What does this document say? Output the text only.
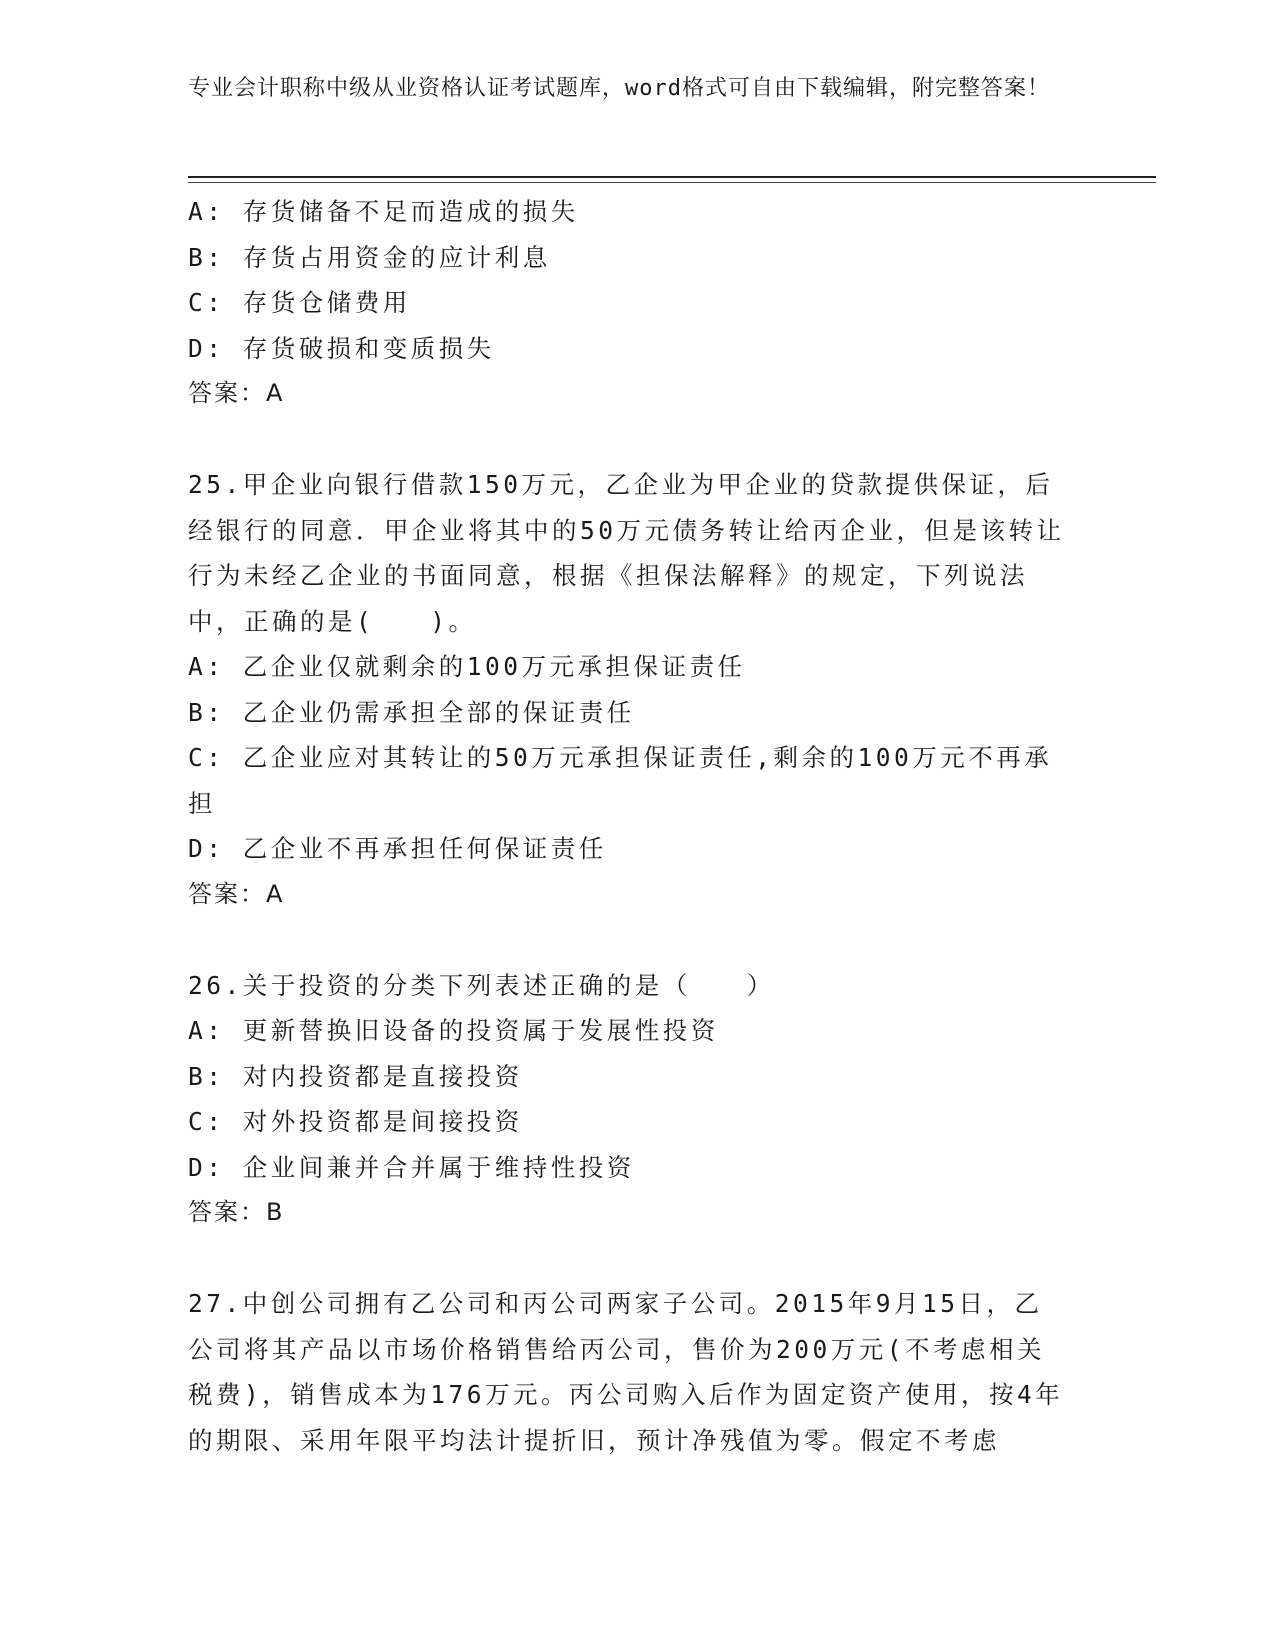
专业会计职称中级从业资格认证考试题库，word格式可自由下载编辑，附完整答案！

A: 存货储备不足而造成的损失

B: 存货占用资金的应计利息

C: 存货仓储费用

D: 存货破损和变质损失

答案：A

25.甲企业向银行借款150万元，乙企业为甲企业的贷款提供保证，后经银行的同意．甲企业将其中的50万元债务转让给丙企业，但是该转让行为未经乙企业的书面同意，根据《担保法解释》的规定，下列说法中，正确的是(　　)。

A: 乙企业仅就剩余的100万元承担保证责任

B: 乙企业仍需承担全部的保证责任

C: 乙企业应对其转让的50万元承担保证责任,剩余的100万元不再承担

D: 乙企业不再承担任何保证责任

答案：A

26.关于投资的分类下列表述正确的是（　　）

A: 更新替换旧设备的投资属于发展性投资

B: 对内投资都是直接投资

C: 对外投资都是间接投资

D: 企业间兼并合并属于维持性投资

答案：B

27.中创公司拥有乙公司和丙公司两家子公司。2015年9月15日，乙公司将其产品以市场价格销售给丙公司，售价为200万元(不考虑相关税费)，销售成本为176万元。丙公司购入后作为固定资产使用，按4年的期限、采用年限平均法计提折旧，预计净残值为零。假定不考虑
